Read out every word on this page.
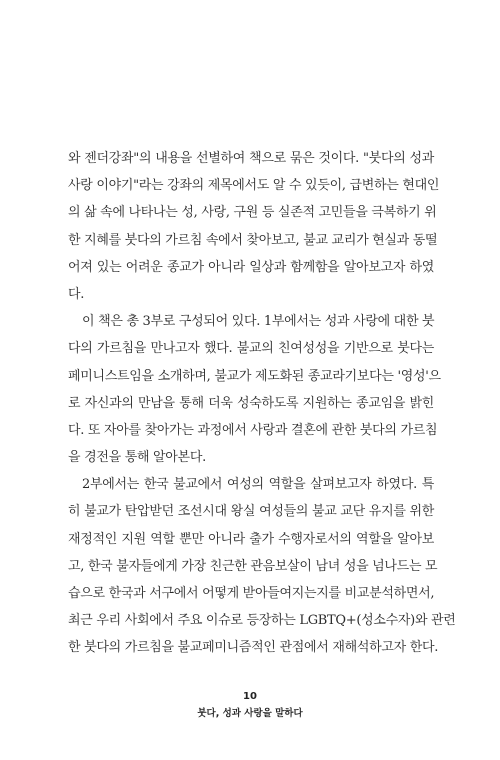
와 젠더강좌"의 내용을 선별하여 책으로 묶은 것이다. "붓다의 성과
사랑 이야기"라는 강좌의 제목에서도 알 수 있듯이, 급변하는 현대인
의 삶 속에 나타나는 성, 사랑, 구원 등 실존적 고민들을 극복하기 위
한 지혜를 붓다의 가르침 속에서 찾아보고, 불교 교리가 현실과 동떨
어져 있는 어려운 종교가 아니라 일상과 함께함을 알아보고자 하였
다.
이 책은 총 3부로 구성되어 있다. 1부에서는 성과 사랑에 대한 붓
다의 가르침을 만나고자 했다. 불교의 친여성성을 기반으로 붓다는
페미니스트임을 소개하며, 불교가 제도화된 종교라기보다는 '영성'으
로 자신과의 만남을 통해 더욱 성숙하도록 지원하는 종교임을 밝힌
다. 또 자아를 찾아가는 과정에서 사랑과 결혼에 관한 붓다의 가르침
을 경전을 통해 알아본다.
2부에서는 한국 불교에서 여성의 역할을 살펴보고자 하였다. 특
히 불교가 탄압받던 조선시대 왕실 여성들의 불교 교단 유지를 위한
재정적인 지원 역할 뿐만 아니라 출가 수행자로서의 역할을 알아보
고, 한국 불자들에게 가장 친근한 관음보살이 남녀 성을 넘나드는 모
습으로 한국과 서구에서 어떻게 받아들여지는지를 비교분석하면서,
최근 우리 사회에서 주요 이슈로 등장하는 LGBTQ+(성소수자)와 관련
한 붓다의 가르침을 불교페미니즘적인 관점에서 재해석하고자 한다.
10
붓다, 성과 사랑을 말하다
